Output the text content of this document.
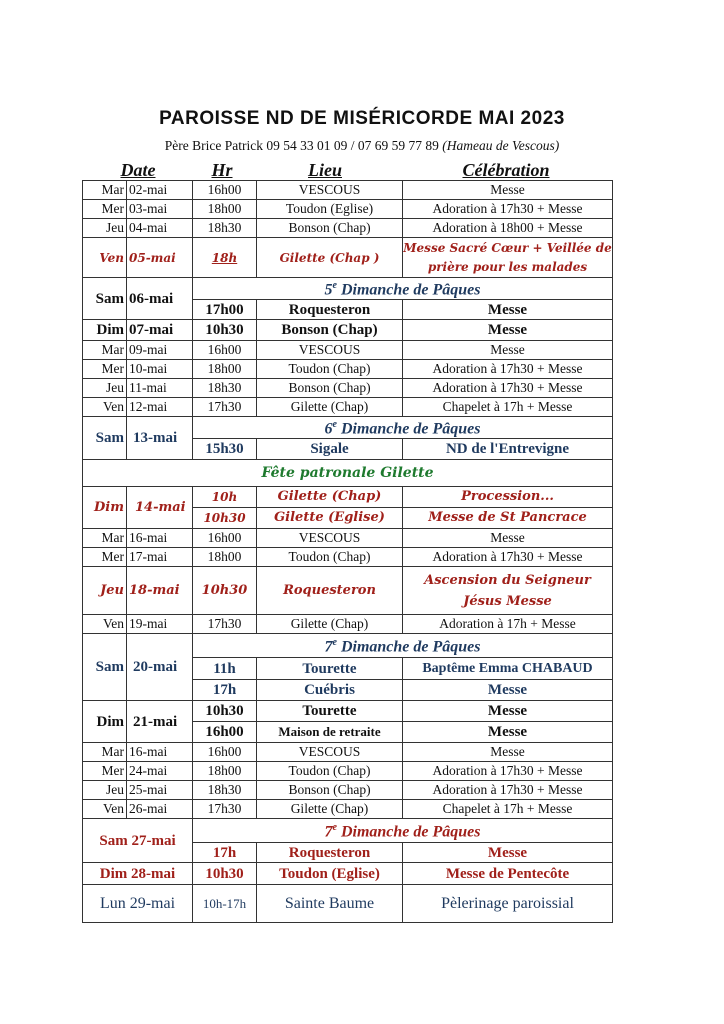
PAROISSE ND DE MISÉRICORDE MAI 2023
Père Brice Patrick 09 54 33 01 09 / 07 69 59 77 89 (Hameau de Vescous)
Date	Hr	Lieu	Célébration
Mar	02-mai	16h00	VESCOUS	Messe
Mer	03-mai	18h00	Toudon (Eglise)	Adoration à 17h30 + Messe
Jeu	04-mai	18h30	Bonson (Chap)	Adoration à 18h00 + Messe
Ven	05-mai	18h	Gilette (Chap )	Messe Sacré Cœur + Veillée de prière pour les malades
Sam	06-mai	5e Dimanche de Pâques		
		17h00	Roquesteron	Messe
Dim	07-mai	10h30	Bonson (Chap)	Messe
Mar	09-mai	16h00	VESCOUS	Messe
Mer	10-mai	18h00	Toudon (Chap)	Adoration à 17h30 + Messe
Jeu	11-mai	18h30	Bonson (Chap)	Adoration à 17h30 + Messe
Ven	12-mai	17h30	Gilette (Chap)	Chapelet à 17h + Messe
Sam	13-mai	6e Dimanche de Pâques		
		15h30	Sigale	ND de l'Entrevigne
Fête patronale Gilette				
Dim	14-mai	10h	Gilette (Chap)	Procession...
		10h30	Gilette (Eglise)	Messe de St Pancrace
Mar	16-mai	16h00	VESCOUS	Messe
Mer	17-mai	18h00	Toudon (Chap)	Adoration à 17h30 + Messe
Jeu	18-mai	10h30	Roquesteron	Ascension du Seigneur Jésus Messe
Ven	19-mai	17h30	Gilette (Chap)	Adoration à 17h + Messe
Sam	20-mai	7e Dimanche de Pâques		
		11h	Tourette	Baptême Emma CHABAUD
		17h	Cuébris	Messe
Dim	21-mai	10h30	Tourette	Messe
		16h00	Maison de retraite	Messe
Mar	16-mai	16h00	VESCOUS	Messe
Mer	24-mai	18h00	Toudon (Chap)	Adoration à 17h30 + Messe
Jeu	25-mai	18h30	Bonson (Chap)	Adoration à 17h30 + Messe
Ven	26-mai	17h30	Gilette (Chap)	Chapelet à 17h + Messe
Sam 27-mai		7e Dimanche de Pâques		
		17h	Roquesteron	Messe
Dim 28-mai		10h30	Toudon (Eglise)	Messe de Pentecôte
Lun 29-mai		10h-17h	Sainte Baume	Pèlerinage paroissial
